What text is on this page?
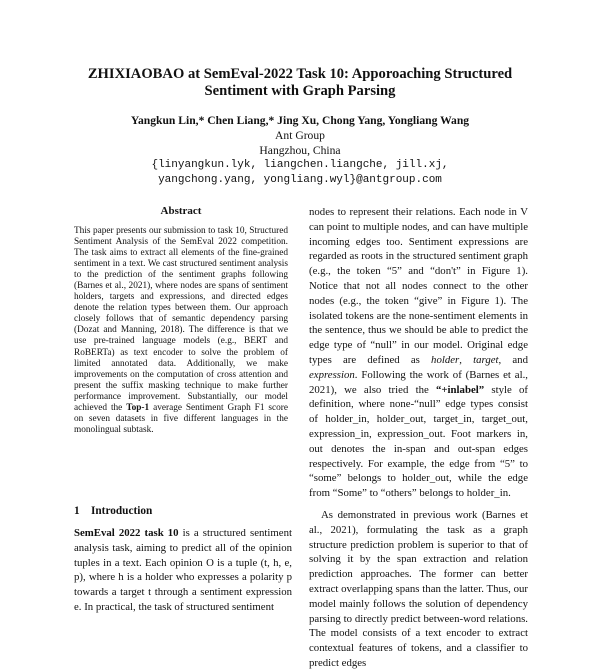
ZHIXIAOBAO at SemEval-2022 Task 10: Apporoaching Structured
Sentiment with Graph Parsing
Yangkun Lin,* Chen Liang,* Jing Xu, Chong Yang, Yongliang Wang
Ant Group
Hangzhou, China
{linyangkun.lyk, liangchen.liangche, jill.xj,
yangchong.yang, yongliang.wyl}@antgroup.com
Abstract

This paper presents our submission to task 10, Structured Sentiment Analysis of the SemEval 2022 competition. The task aims to extract all elements of the fine-grained sentiment in a text. We cast structured sentiment analysis to the prediction of the sentiment graphs following (Barnes et al., 2021), where nodes are spans of sentiment holders, targets and expressions, and directed edges denote the relation types between them. Our approach closely follows that of semantic dependency parsing (Dozat and Manning, 2018). The difference is that we use pre-trained language models (e.g., BERT and RoBERTa) as text encoder to solve the problem of limited annotated data. Additionally, we make improvements on the computation of cross attention and present the suffix masking technique to make further performance improvement. Substantially, our model achieved the Top-1 average Sentiment Graph F1 score on seven datasets in five different languages in the monolingual subtask.

1 Introduction

SemEval 2022 task 10 is a structured sentiment analysis task, aiming to predict all of the opinion tuples in a text. Each opinion O is a tuple (t, h, e, p), where h is a holder who expresses a polarity p towards a target t through a sentiment expression e. In practical, the task of structured sentiment

nodes to represent their relations. Each node in V can point to multiple nodes, and can have multiple incoming edges too. Sentiment expressions are regarded as roots in the structured sentiment graph (e.g., the token “5” and “don't” in Figure 1). Notice that not all nodes connect to the other nodes (e.g., the token “give” in Figure 1). The isolated tokens are the none-sentiment elements in the sentence, thus we should be able to predict the edge type of “null” in our model. Original edge types are defined as holder, target, and expression. Following the work of (Barnes et al., 2021), we also tried the “+inlabel” style of definition, where none-“null” edge types consist of holder_in, holder_out, target_in, target_out, expression_in, expression_out. Foot markers in, out denotes the in-span and out-span edges respectively. For example, the edge from “5” to “some” belongs to holder_out, while the edge from “Some” to “others” belongs to holder_in.

As demonstrated in previous work (Barnes et al., 2021), formulating the task as a graph structure prediction problem is superior to that of solving it by the span extraction and relation prediction approaches. The former can better extract overlapping spans than the latter. Thus, our model mainly follows the solution of dependency parsing to directly predict between-word relations. The model consists of a text encoder to extract contextual features of tokens, and a classifier to predict edges
